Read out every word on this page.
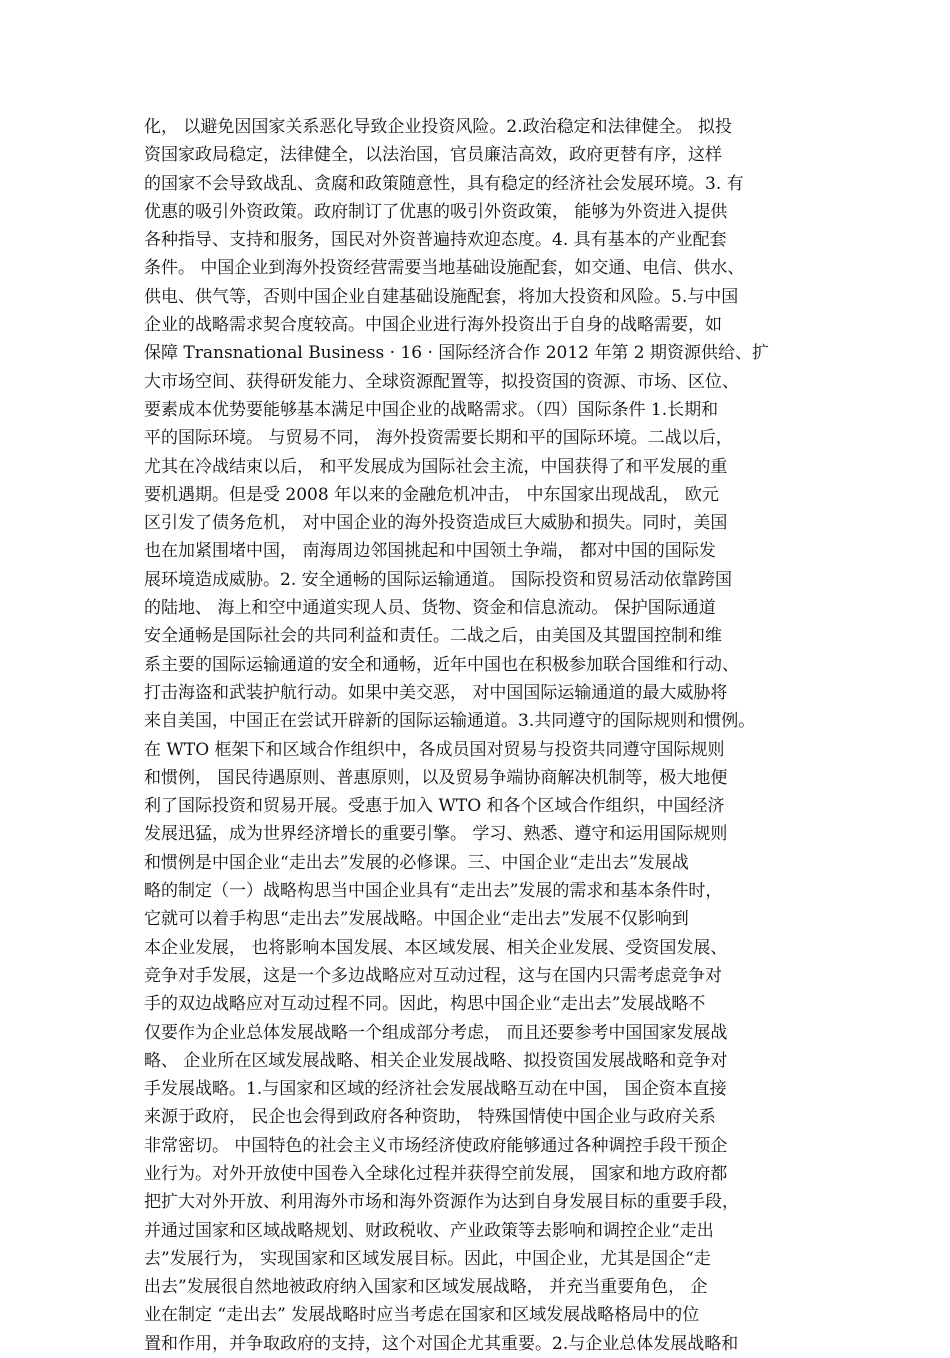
化， 以避免因国家关系恶化导致企业投资风险。2.政治稳定和法律健全。 拟投
资国家政局稳定，法律健全，以法治国，官员廉洁高效，政府更替有序，这样
的国家不会导致战乱、贪腐和政策随意性，具有稳定的经济社会发展环境。3. 有
优惠的吸引外资政策。政府制订了优惠的吸引外资政策， 能够为外资进入提供
各种指导、支持和服务，国民对外资普遍持欢迎态度。4. 具有基本的产业配套
条件。 中国企业到海外投资经营需要当地基础设施配套，如交通、电信、供水、
供电、供气等，否则中国企业自建基础设施配套，将加大投资和风险。5.与中国
企业的战略需求契合度较高。中国企业进行海外投资出于自身的战略需要，如
保障 Transnational Business · 16 · 国际经济合作 2012 年第 2 期资源供给、扩
大市场空间、获得研发能力、全球资源配置等，拟投资国的资源、市场、区位、
要素成本优势要能够基本满足中国企业的战略需求。（四）国际条件 1.长期和
平的国际环境。 与贸易不同， 海外投资需要长期和平的国际环境。二战以后，
尤其在冷战结束以后， 和平发展成为国际社会主流，中国获得了和平发展的重
要机遇期。但是受 2008 年以来的金融危机冲击， 中东国家出现战乱， 欧元
区引发了债务危机， 对中国企业的海外投资造成巨大威胁和损失。同时，美国
也在加紧围堵中国， 南海周边邻国挑起和中国领土争端， 都对中国的国际发
展环境造成威胁。2. 安全通畅的国际运输通道。 国际投资和贸易活动依靠跨国
的陆地、 海上和空中通道实现人员、货物、资金和信息流动。 保护国际通道
安全通畅是国际社会的共同利益和责任。二战之后，由美国及其盟国控制和维
系主要的国际运输通道的安全和通畅，近年中国也在积极参加联合国维和行动、
打击海盗和武装护航行动。如果中美交恶， 对中国国际运输通道的最大威胁将
来自美国，中国正在尝试开辟新的国际运输通道。3.共同遵守的国际规则和惯例。
在 WTO 框架下和区域合作组织中，各成员国对贸易与投资共同遵守国际规则
和惯例， 国民待遇原则、普惠原则，以及贸易争端协商解决机制等，极大地便
利了国际投资和贸易开展。受惠于加入 WTO 和各个区域合作组织，中国经济
发展迅猛，成为世界经济增长的重要引擎。 学习、熟悉、遵守和运用国际规则
和惯例是中国企业“走出去”发展的必修课。三、中国企业“走出去”发展战
略的制定（一）战略构思当中国企业具有“走出去”发展的需求和基本条件时，
它就可以着手构思“走出去”发展战略。中国企业“走出去”发展不仅影响到
本企业发展， 也将影响本国发展、本区域发展、相关企业发展、受资国发展、
竞争对手发展，这是一个多边战略应对互动过程，这与在国内只需考虑竞争对
手的双边战略应对互动过程不同。因此，构思中国企业“走出去”发展战略不
仅要作为企业总体发展战略一个组成部分考虑， 而且还要参考中国国家发展战
略、 企业所在区域发展战略、相关企业发展战略、拟投资国发展战略和竞争对
手发展战略。1.与国家和区域的经济社会发展战略互动在中国， 国企资本直接
来源于政府， 民企也会得到政府各种资助， 特殊国情使中国企业与政府关系
非常密切。 中国特色的社会主义市场经济使政府能够通过各种调控手段干预企
业行为。对外开放使中国卷入全球化过程并获得空前发展， 国家和地方政府都
把扩大对外开放、利用海外市场和海外资源作为达到自身发展目标的重要手段，
并通过国家和区域战略规划、财政税收、产业政策等去影响和调控企业“走出
去”发展行为， 实现国家和区域发展目标。因此，中国企业，尤其是国企“走
出去”发展很自然地被政府纳入国家和区域发展战略， 并充当重要角色， 企
业在制定 “走出去” 发展战略时应当考虑在国家和区域发展战略格局中的位
置和作用，并争取政府的支持，这个对国企尤其重要。2.与企业总体发展战略和
